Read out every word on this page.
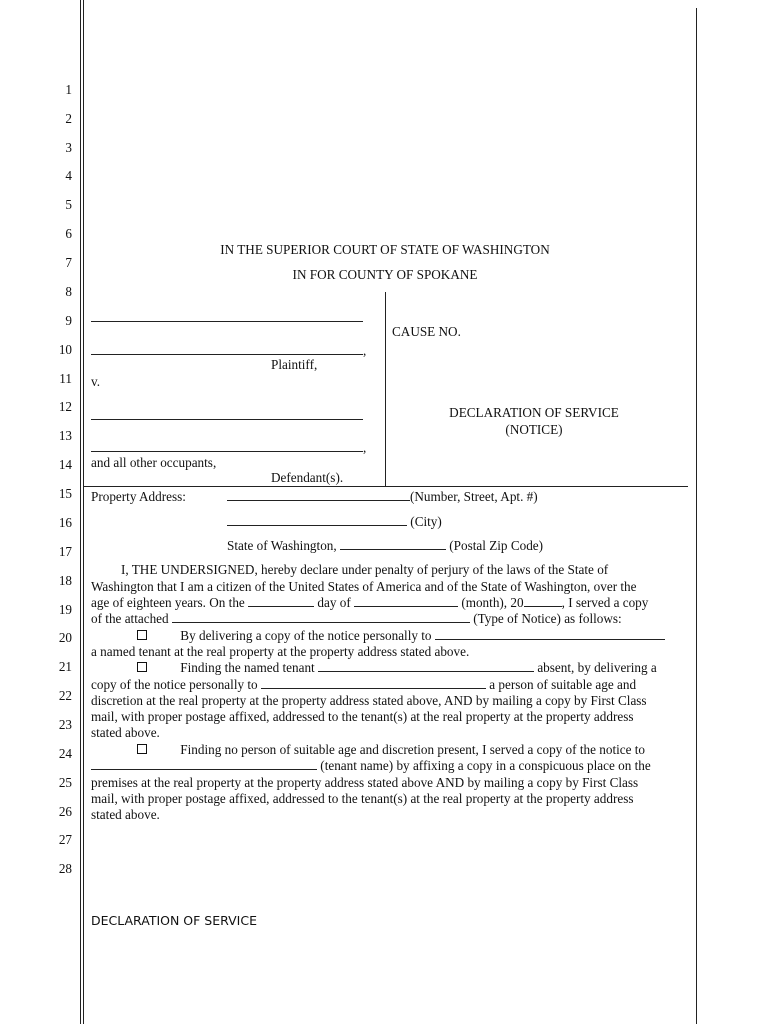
1
2
3
4
5
6
7
8
9
10
11
12
13
14
15
16
17
18
19
20
21
22
23
24
25
26
27
28
IN THE SUPERIOR COURT OF STATE OF WASHINGTON
IN FOR COUNTY OF SPOKANE
,
Plaintiff,
v.
,
and all other occupants,
Defendant(s).
CAUSE NO.
DECLARATION OF SERVICE
(NOTICE)
Property Address:	(Number, Street, Apt. #)
(City)
State of Washington,	(Postal Zip Code)
I, THE UNDERSIGNED, hereby declare under penalty of perjury of the laws of the State of
Washington that I am a citizen of the United States of America and of the State of Washington, over the
age of eighteen years. On the	day of	(month), 20	, I served a copy
of the attached	(Type of Notice) as follows:
By delivering a copy of the notice personally to
a named tenant at the real property at the property address stated above.
Finding the named tenant	absent, by delivering a
copy of the notice personally to	a person of suitable age and
discretion at the real property at the property address stated above, AND by mailing a copy by First Class
mail, with proper postage affixed, addressed to the tenant(s) at the real property at the property address
stated above.
Finding no person of suitable age and discretion present, I served a copy of the notice to
(tenant name) by affixing a copy in a conspicuous place on the
premises at the real property at the property address stated above AND by mailing a copy by First Class
mail, with proper postage affixed, addressed to the tenant(s) at the real property at the property address
stated above.
DECLARATION OF SERVICE
